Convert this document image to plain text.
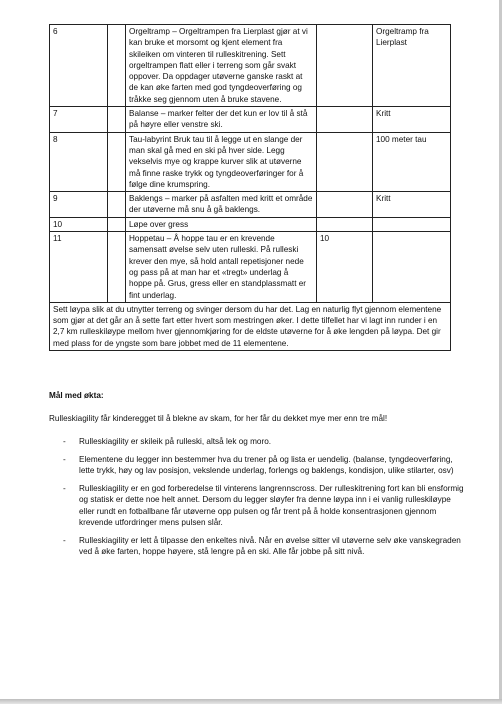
6		Orgeltramp – Orgeltrampen fra Lierplast gjør at vi kan bruke et morsomt og kjent element fra skileiken om vinteren til rulleskitrening. Sett orgeltrampen flatt eller i terreng som går svakt oppover. Da oppdager utøverne ganske raskt at de kan øke farten med god tyngdeoverføring og tråkke seg gjennom uten å bruke stavene.		Orgeltramp fra Lierplast
7		Balanse – marker felter der det kun er lov til å stå på høyre eller venstre ski.		Kritt
8		Tau-labyrint Bruk tau til å legge ut en slange der man skal gå med en ski på hver side. Legg vekselvis mye og krappe kurver slik at utøverne må finne raske trykk og tyngdeoverføringer for å følge dine krumspring.		100 meter tau
9		Baklengs – marker på asfalten med kritt et område der utøverne må snu å gå baklengs.		Kritt
10		Løpe over gress		
11		Hoppetau – Å hoppe tau er en krevende samensatt øvelse selv uten rulleski. På rulleski krever den mye, så hold antall repetisjoner nede og pass på at man har et «tregt» underlag å hoppe på. Grus, gress eller en standplassmatt er fint underlag.	10	
Sett løypa slik at du utnytter terreng og svinger dersom du har det. Lag en naturlig flyt gjennom elementene som gjør at det går an å sette fart etter hvert som mestringen øker. I dette tilfellet har vi lagt inn runder i en 2,7 km rulleskiløype mellom hver gjennomkjøring for de eldste utøverne for å øke lengden på løypa. Det gir med plass for de yngste som bare jobbet med de 11 elementene.				
Mål med økta:
Rulleskiagility får kinderegget til å blekne av skam, for her får du dekket mye mer enn tre mål!
- Rulleskiagility er skileik på rulleski, altså lek og moro.
- Elementene du legger inn bestemmer hva du trener på og lista er uendelig. (balanse, tyngdeoverføring, lette trykk, høy og lav posisjon, vekslende underlag, forlengs og baklengs, kondisjon, ulike stilarter, osv)
- Rulleskiagility er en god forberedelse til vinterens langrennscross. Der rulleskitrening fort kan bli ensformig og statisk er dette noe helt annet. Dersom du legger sløyfer fra denne løypa inn i ei vanlig rulleskiløype eller rundt en fotballbane får utøverne opp pulsen og får trent på å holde konsentrasjonen gjennom krevende utfordringer mens pulsen slår.
- Rulleskiagility er lett å tilpasse den enkeltes nivå. Når en øvelse sitter vil utøverne selv øke vanskegraden ved å øke farten, hoppe høyere, stå lengre på en ski. Alle får jobbe på sitt nivå.
